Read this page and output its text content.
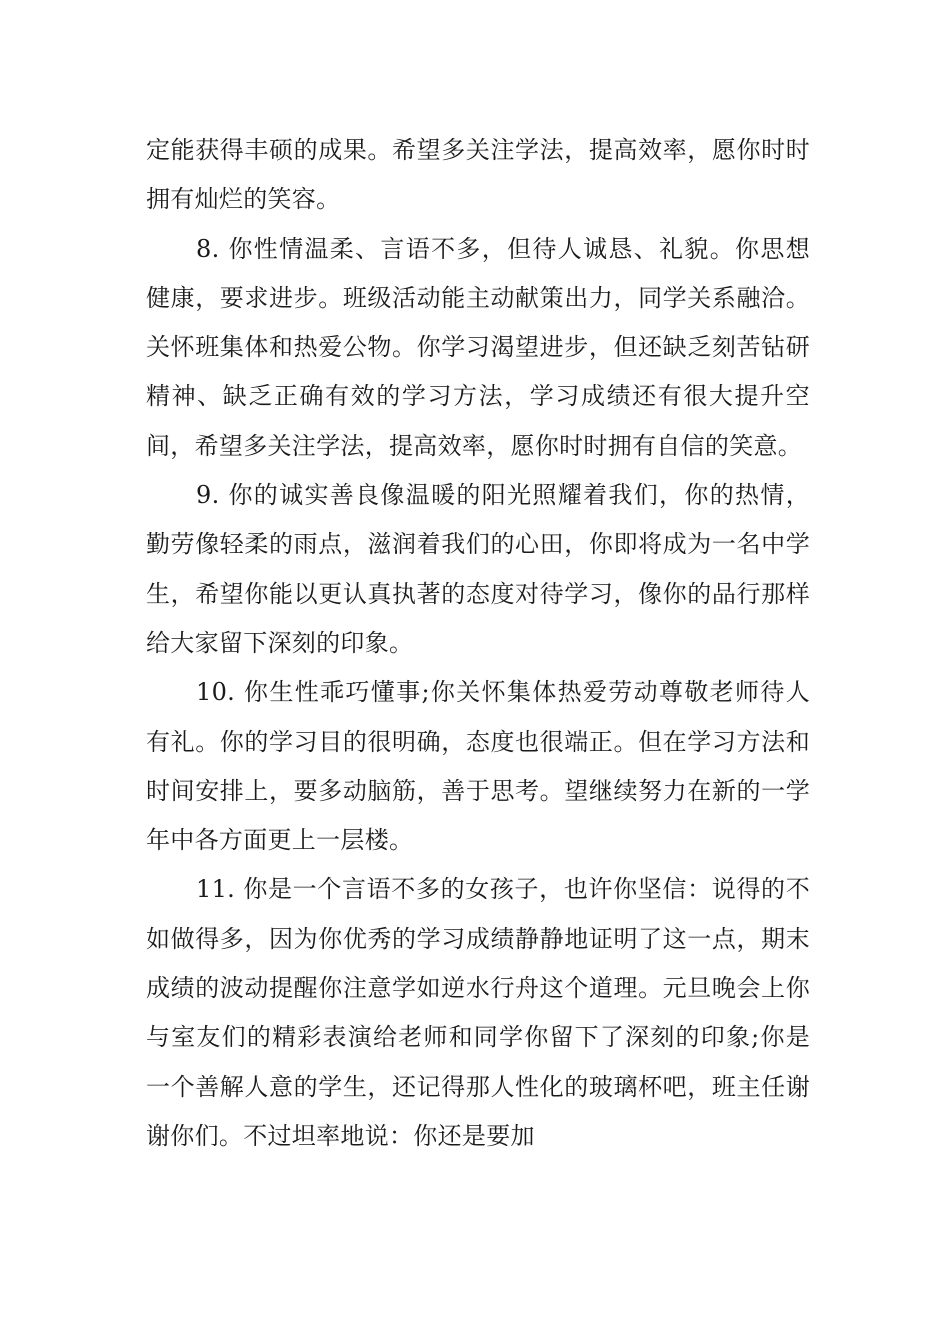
定能获得丰硕的成果。希望多关注学法，提高效率，愿你时时拥有灿烂的笑容。

8. 你性情温柔、言语不多，但待人诚恳、礼貌。你思想健康，要求进步。班级活动能主动献策出力，同学关系融洽。关怀班集体和热爱公物。你学习渴望进步，但还缺乏刻苦钻研精神、缺乏正确有效的学习方法，学习成绩还有很大提升空间，希望多关注学法，提高效率，愿你时时拥有自信的笑意。

9. 你的诚实善良像温暖的阳光照耀着我们，你的热情，勤劳像轻柔的雨点，滋润着我们的心田，你即将成为一名中学生，希望你能以更认真执著的态度对待学习，像你的品行那样给大家留下深刻的印象。

10. 你生性乖巧懂事;你关怀集体热爱劳动尊敬老师待人有礼。你的学习目的很明确，态度也很端正。但在学习方法和时间安排上，要多动脑筋，善于思考。望继续努力在新的一学年中各方面更上一层楼。

11. 你是一个言语不多的女孩子，也许你坚信：说得的不如做得多，因为你优秀的学习成绩静静地证明了这一点，期末成绩的波动提醒你注意学如逆水行舟这个道理。元旦晚会上你与室友们的精彩表演给老师和同学你留下了深刻的印象;你是一个善解人意的学生，还记得那人性化的玻璃杯吧，班主任谢谢你们。不过坦率地说：你还是要加
